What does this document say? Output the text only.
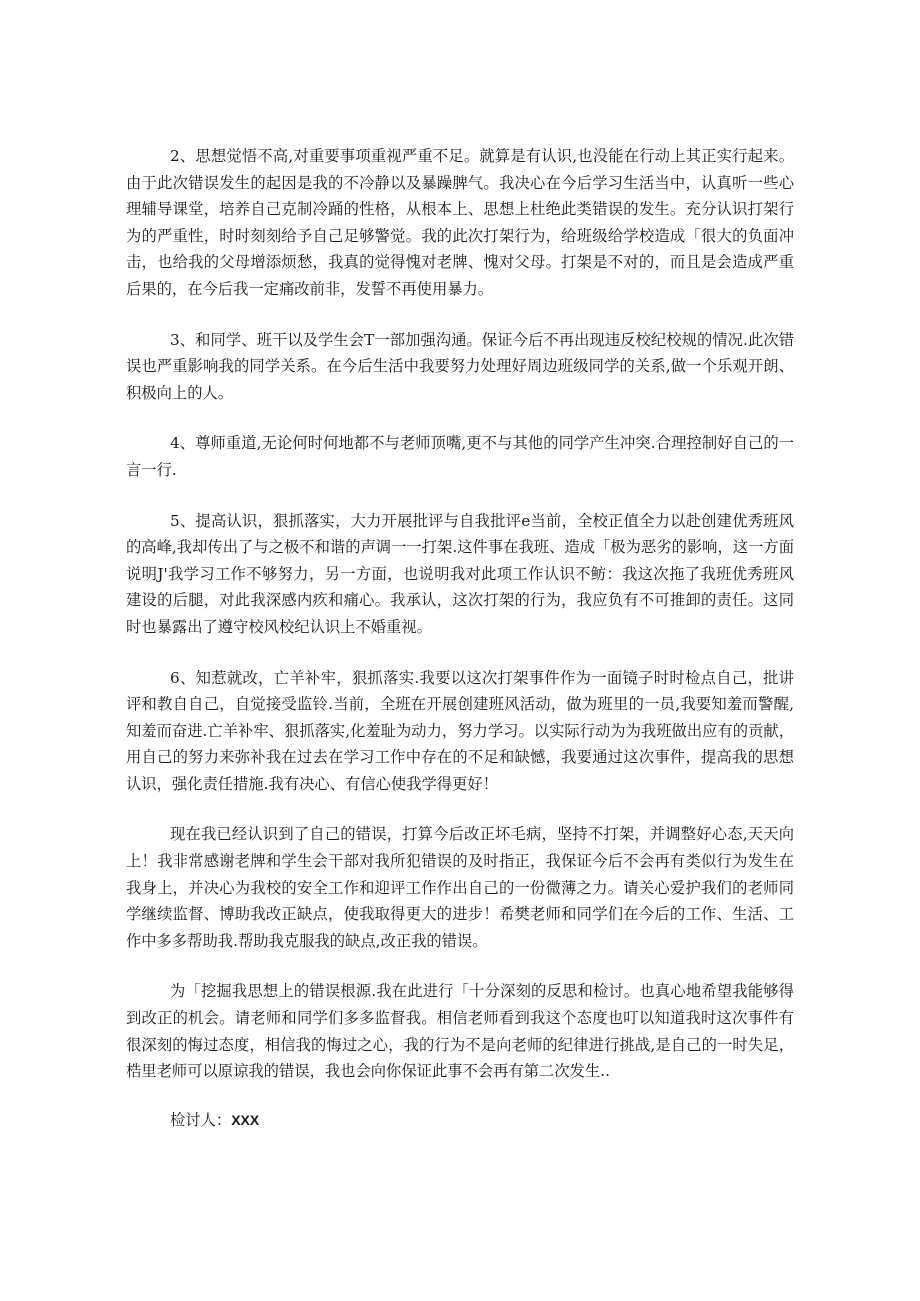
2、思想觉悟不高,对重要事项重视严重不足。就算是有认识,也没能在行动上其正实行起来。由于此次错误发生的起因是我的不冷静以及暴躁脾气。我决心在今后学习生活当中，认真听一些心理辅导课堂，培养自己克制冷踊的性格，从根本上、思想上杜绝此类错误的发生。充分认识打架行为的严重性，时时刻刻给予自己足够警觉。我的此次打架行为，给班级给学校造成「很大的负面冲击，也给我的父母增添烦愁，我真的觉得愧对老牌、愧对父母。打架是不对的，而且是会造成严重后果的，在今后我一定痛改前非，发誓不再使用暴力。

3、和同学、班干以及学生会T一部加强沟通。保证今后不再出现违反校纪校规的情况.此次错误也严重影响我的同学关系。在今后生活中我要努力处理好周边班级同学的关系,做一个乐观开朗、积极向上的人。

4、尊师重道,无论何时何地都不与老师顶嘴,更不与其他的同学产生冲突.合理控制好自己的一言一行.

5、提高认识，狠抓落实，大力开展批评与自我批评e当前，全校正值全力以赴创建优秀班风的高峰,我却传出了与之极不和谐的声调一一打架.这件事在我班、造成「极为恶劣的影响，这一方面说明J'我学习工作不够努力，另一方面，也说明我对此项工作认识不鲂：我这次拖了我班优秀班风建设的后腿，对此我深感内疚和痛心。我承认，这次打架的行为，我应负有不可推卸的责任。这同时也暴露出了遵守校风校纪认识上不婚重视。

6、知惹就改，亡羊补牢，狠抓落实.我要以这次打架事件作为一面镜子时时检点自己，批讲评和教自自己，自觉接受监铃.当前，全班在开展创建班风活动，做为班里的一员,我要知羞而警醒,知羞而奋进.亡羊补牢、狠抓落实,化羞耻为动力，努力学习。以实际行动为为我班做出应有的贡献，用自己的努力来弥补我在过去在学习工作中存在的不足和缺憾，我要通过这次事件，提高我的思想认识，强化责任措施.我有决心、有信心使我学得更好！

现在我已经认识到了自己的错误，打算今后改正坏毛病，坚持不打架，并调整好心态,天天向上！我非常感谢老牌和学生会干部对我所犯错误的及时指正，我保证今后不会再有类似行为发生在我身上，并决心为我校的安全工作和迎评工作作出自己的一份微薄之力。请关心爱护我们的老师同学继续监督、博助我改正缺点，使我取得更大的进步！希樊老师和同学们在今后的工作、生活、工作中多多帮助我.帮助我克服我的缺点,改正我的错误。

为「挖掘我思想上的错误根源.我在此进行「十分深刻的反思和检讨。也真心地希望我能够得到改正的机会。请老师和同学们多多监督我。相信老师看到我这个态度也叮以知道我时这次事件有很深刻的悔过态度，相信我的悔过之心，我的行为不是向老师的纪律进行挑战,是自己的一时失足，梏里老师可以原谅我的错误，我也会向你保证此事不会再有第二次发生..

检讨人：XXX
